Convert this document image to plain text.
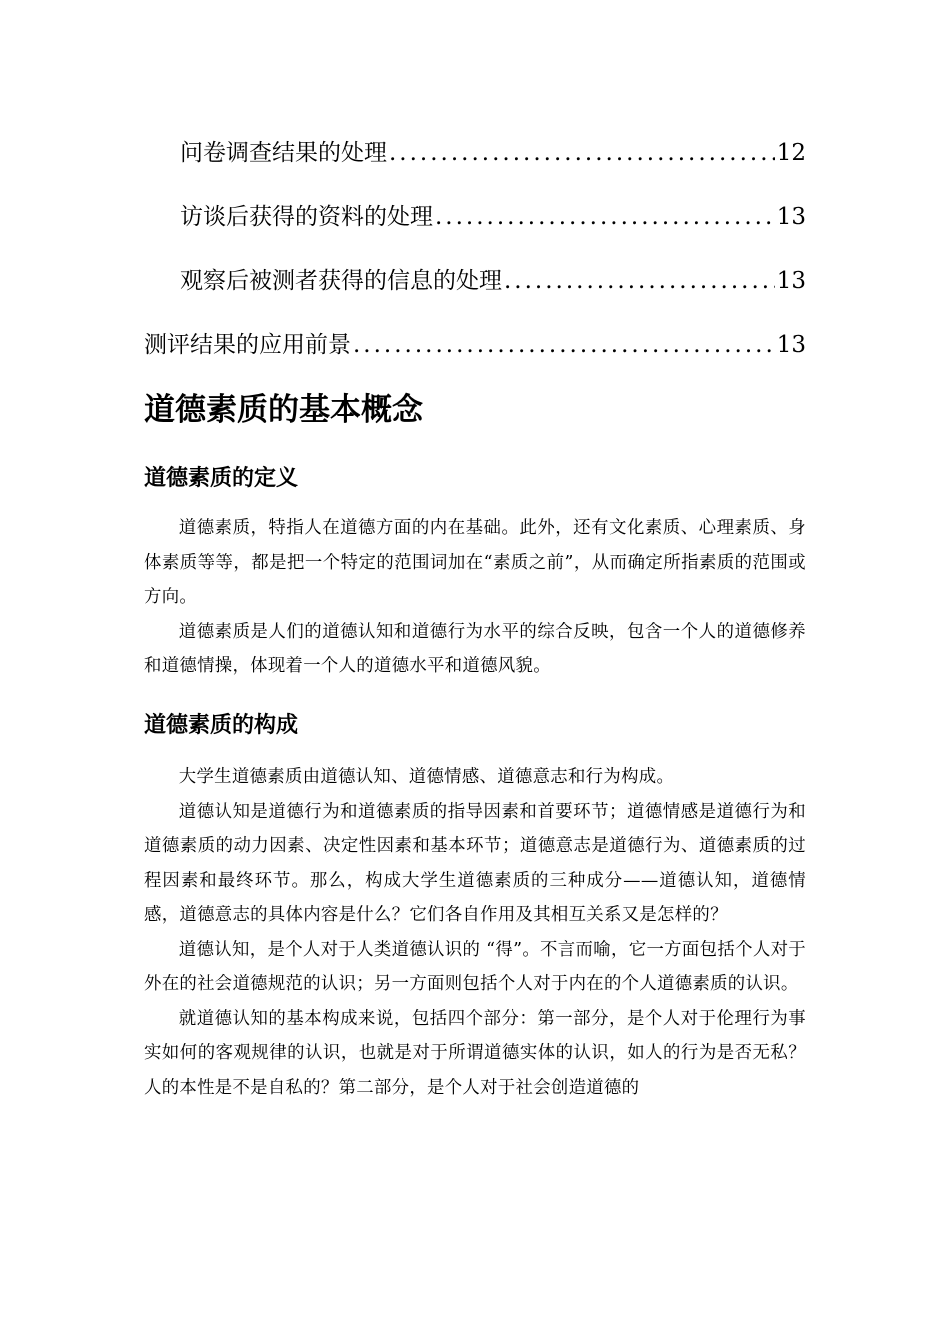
问卷调查结果的处理 .....	12
访谈后获得的资料的处理 .....	13
观察后被测者获得的信息的处理 .....	13
测评结果的应用前景 .....	13
道德素质的基本概念
道德素质的定义

道德素质，特指人在道德方面的内在基础。此外，还有文化素质、心理素质、身体素质等等，都是把一个特定的范围词加在“素质之前”，从而确定所指素质的范围或方向。

道德素质是人们的道德认知和道德行为水平的综合反映，包含一个人的道德修养和道德情操，体现着一个人的道德水平和道德风貌。

道德素质的构成

大学生道德素质由道德认知、道德情感、道德意志和行为构成。

道德认知是道德行为和道德素质的指导因素和首要环节；道德情感是道德行为和道德素质的动力因素、决定性因素和基本环节；道德意志是道德行为、道德素质的过程因素和最终环节。那么，构成大学生道德素质的三种成分——道德认知，道德情感，道德意志的具体内容是什么？它们各自作用及其相互关系又是怎样的？

道德认知，是个人对于人类道德认识的 “得”。不言而喻，它一方面包括个人对于外在的社会道德规范的认识；另一方面则包括个人对于内在的个人道德素质的认识。

就道德认知的基本构成来说，包括四个部分：第一部分，是个人对于伦理行为事实如何的客观规律的认识，也就是对于所谓道德实体的认识，如人的行为是否无私？人的本性是不是自私的？第二部分，是个人对于社会创造道德的
